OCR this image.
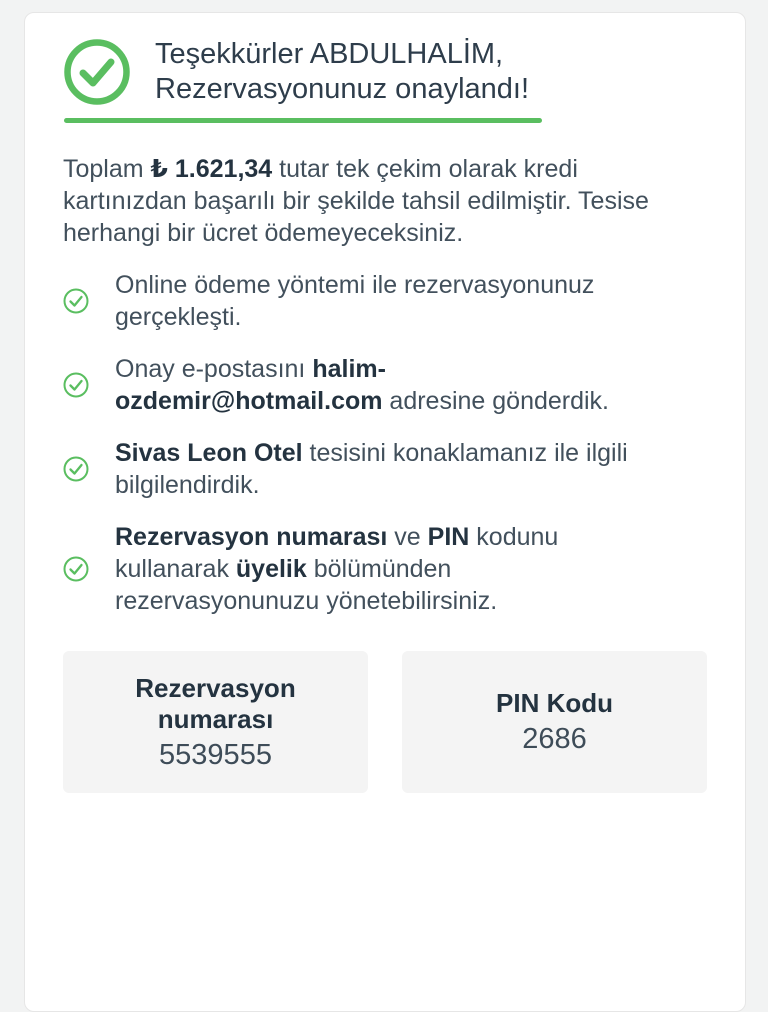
Teşekkürler ABDULHALİM,
Rezervasyonunuz onaylandı!

Toplam ₺ 1.621,34 tutar tek çekim olarak kredi kartınızdan başarılı bir şekilde tahsil edilmiştir. Tesise herhangi bir ücret ödemeyeceksiniz.

Online ödeme yöntemi ile rezervasyonunuz gerçekleşti.
Onay e-postasını halim-ozdemir@hotmail.com adresine gönderdik.
Sivas Leon Otel tesisini konaklamanız ile ilgili bilgilendirdik.
Rezervasyon numarası ve PIN kodunu kullanarak üyelik bölümünden rezervasyonunuzu yönetebilirsiniz.
Rezervasyon numarası
5539555
PIN Kodu
2686
